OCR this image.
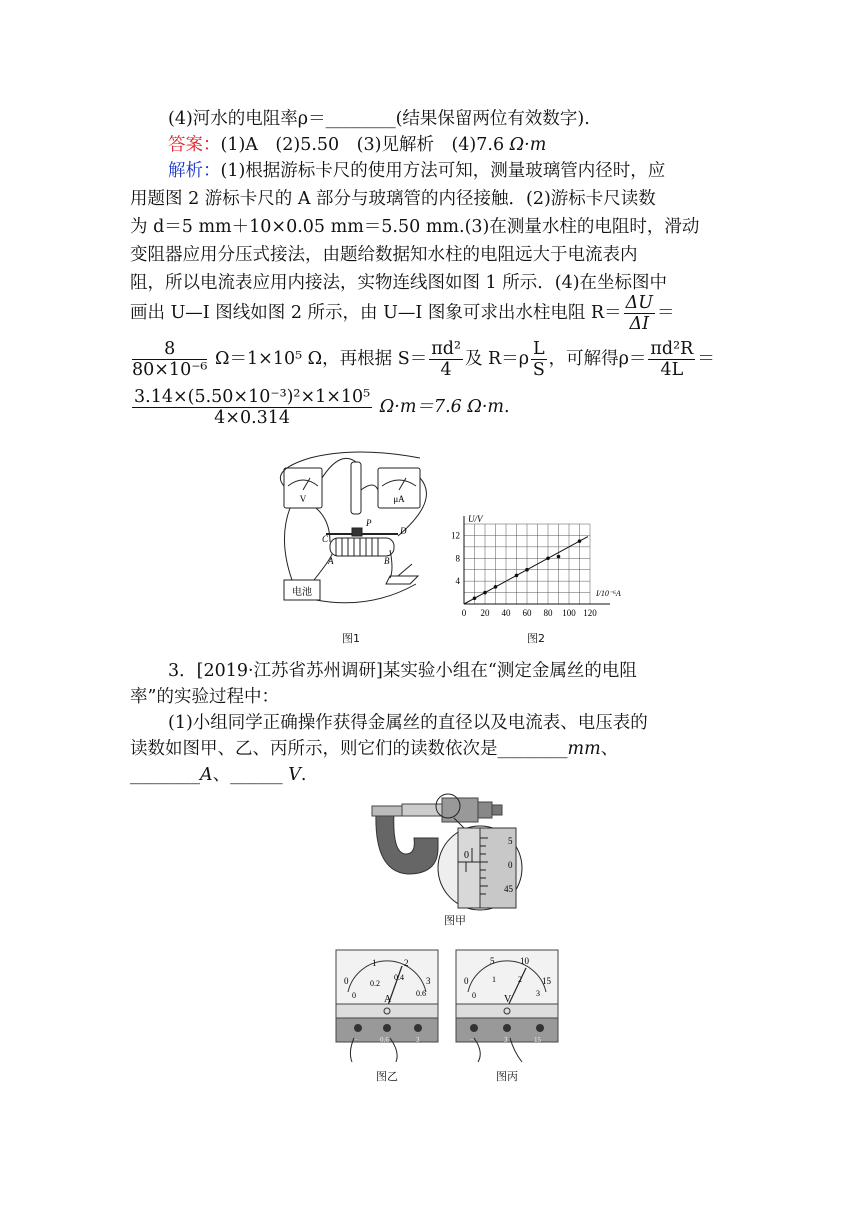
(4)河水的电阻率ρ＝________(结果保留两位有效数字).
答案：(1)A　(2)5.50　(3)见解析　(4)7.6 Ω·m
解析：(1)根据游标卡尺的使用方法可知，测量玻璃管内径时，应
用题图 2 游标卡尺的 A 部分与玻璃管的内径接触．(2)游标卡尺读数
为 d＝5 mm＋10×0.05 mm＝5.50 mm.(3)在测量水柱的电阻时，滑动
变阻器应用分压式接法，由题给数据知水柱的电阻远大于电流表内
阻，所以电流表应用内接法，实物连线图如图 1 所示．(4)在坐标图中
画出 U—I 图线如图 2 所示，由 U—I 图象可求出水柱电阻 $R= \frac{\Delta U}{\Delta I}$ ＝
$\frac{8}{\text{80×10⁻⁶}} \Omega=1\times 10^5$ Ω，再根据 $S= \frac{\text{πd²}}{4}$ 及 $R=\rho \frac{L}{S}$ ，可解得$\rho= \frac{\text{πd²R}}{4L}$ ＝
$\frac{\text{3.14×(5.50×10⁻³)²×1×10⁵}}{4\times 0.314} \Omega\cdot m=7.6$ Ω·m.
V	μA
电池
P
C
D
A	B
图1
0 20 40 60 80 100 120
4
8
12
U/V
I/10⁻⁶A
图2
3．[2019·江苏省苏州调研]某实验小组在“测定金属丝的电阻
率”的实验过程中：
(1)小组同学正确操作获得金属丝的直径以及电流表、电压表的
读数如图甲、乙、丙所示，则它们的读数依次是________mm、
________A、______ V.
0
5
0
45
图甲
0
1	2
3
0
0.2
0.4
0.6
A
−	0.6	3
图乙
0
5	10
15
0
1	2
3
V
−	3	15
图丙
